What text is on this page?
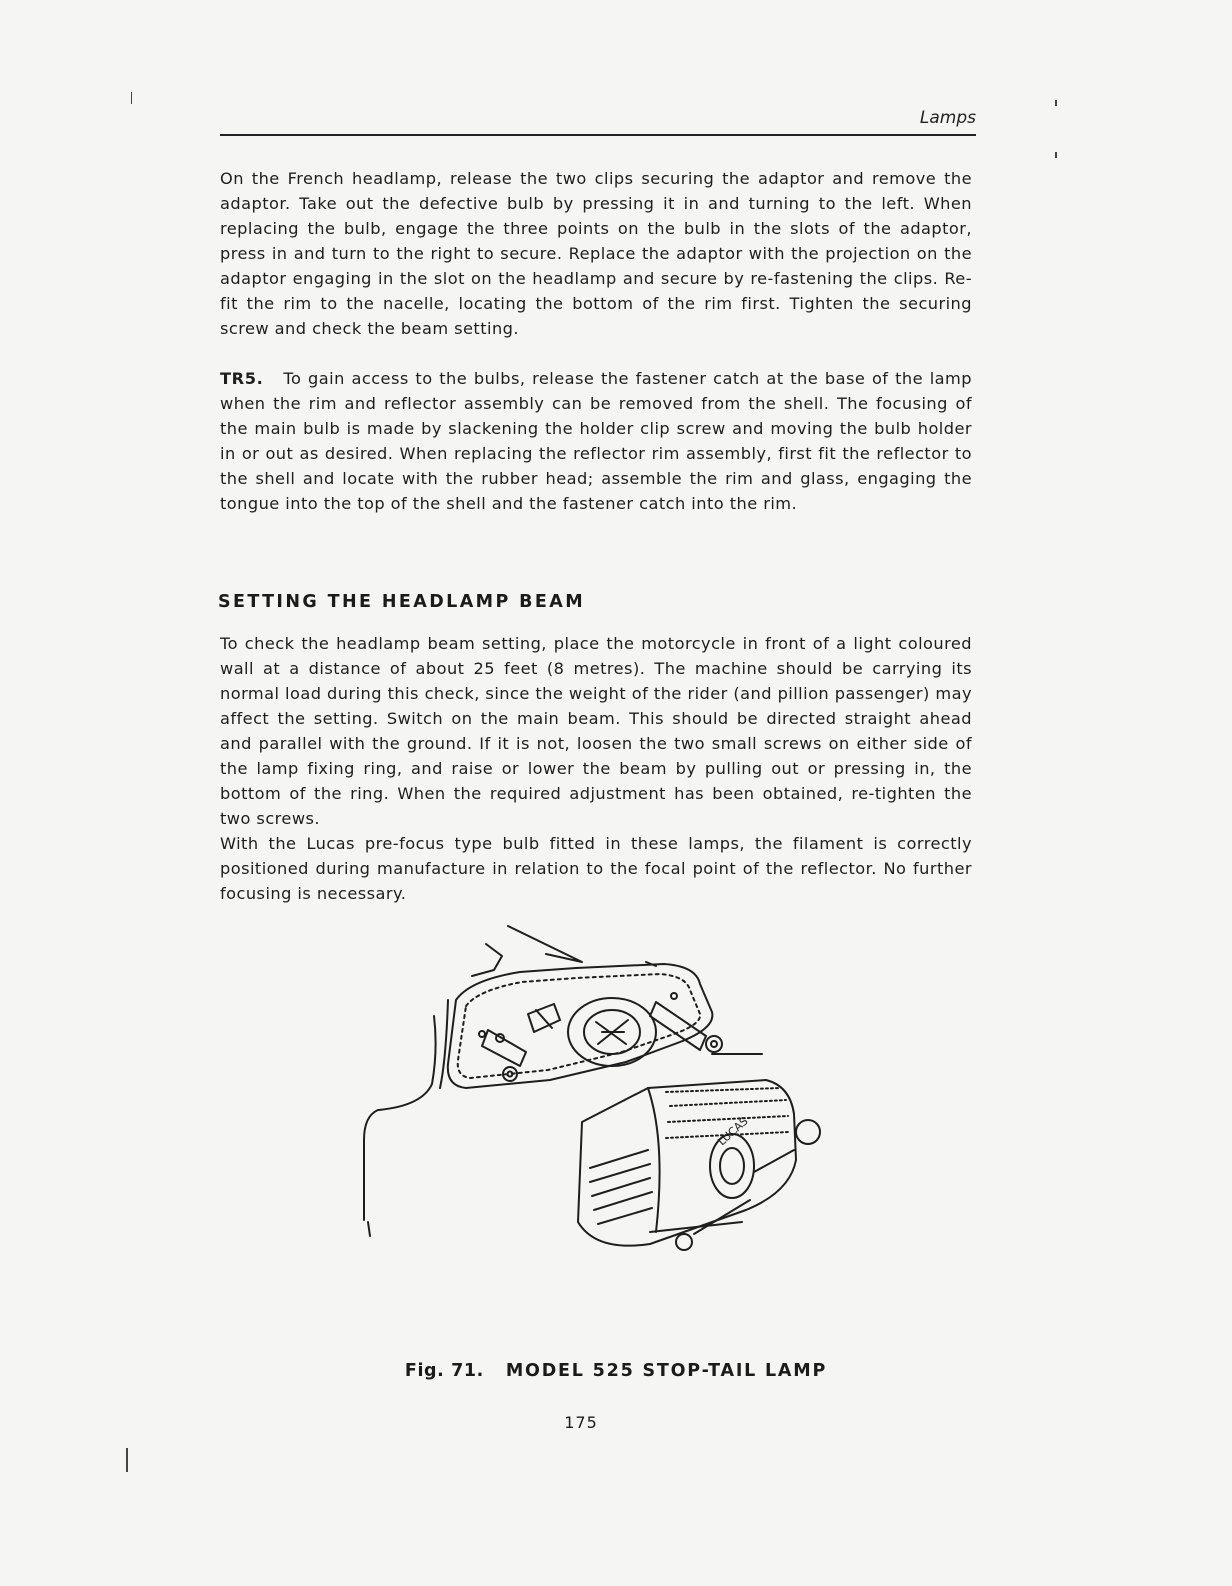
Lamps

On the French headlamp, release the two clips securing the adaptor and remove the adaptor. Take out the defective bulb by pressing it in and turning to the left. When replacing the bulb, engage the three points on the bulb in the slots of the adaptor, press in and turn to the right to secure. Replace the adaptor with the projection on the adaptor engaging in the slot on the headlamp and secure by re-fastening the clips. Re-fit the rim to the nacelle, locating the bottom of the rim first. Tighten the securing screw and check the beam setting.

TR5. To gain access to the bulbs, release the fastener catch at the base of the lamp when the rim and reflector assembly can be removed from the shell. The focusing of the main bulb is made by slackening the holder clip screw and moving the bulb holder in or out as desired. When replacing the reflector rim assembly, first fit the reflector to the shell and locate with the rubber head; assemble the rim and glass, engaging the tongue into the top of the shell and the fastener catch into the rim.

SETTING THE HEADLAMP BEAM

To check the headlamp beam setting, place the motorcycle in front of a light coloured wall at a distance of about 25 feet (8 metres). The machine should be carrying its normal load during this check, since the weight of the rider (and pillion passenger) may affect the setting. Switch on the main beam. This should be directed straight ahead and parallel with the ground. If it is not, loosen the two small screws on either side of the lamp fixing ring, and raise or lower the beam by pulling out or pressing in, the bottom of the ring. When the required adjustment has been obtained, re-tighten the two screws.

With the Lucas pre-focus type bulb fitted in these lamps, the filament is correctly positioned during manufacture in relation to the focal point of the reflector. No further focusing is necessary.

LUCAS
Fig. 71. MODEL 525 STOP-TAIL LAMP
175
